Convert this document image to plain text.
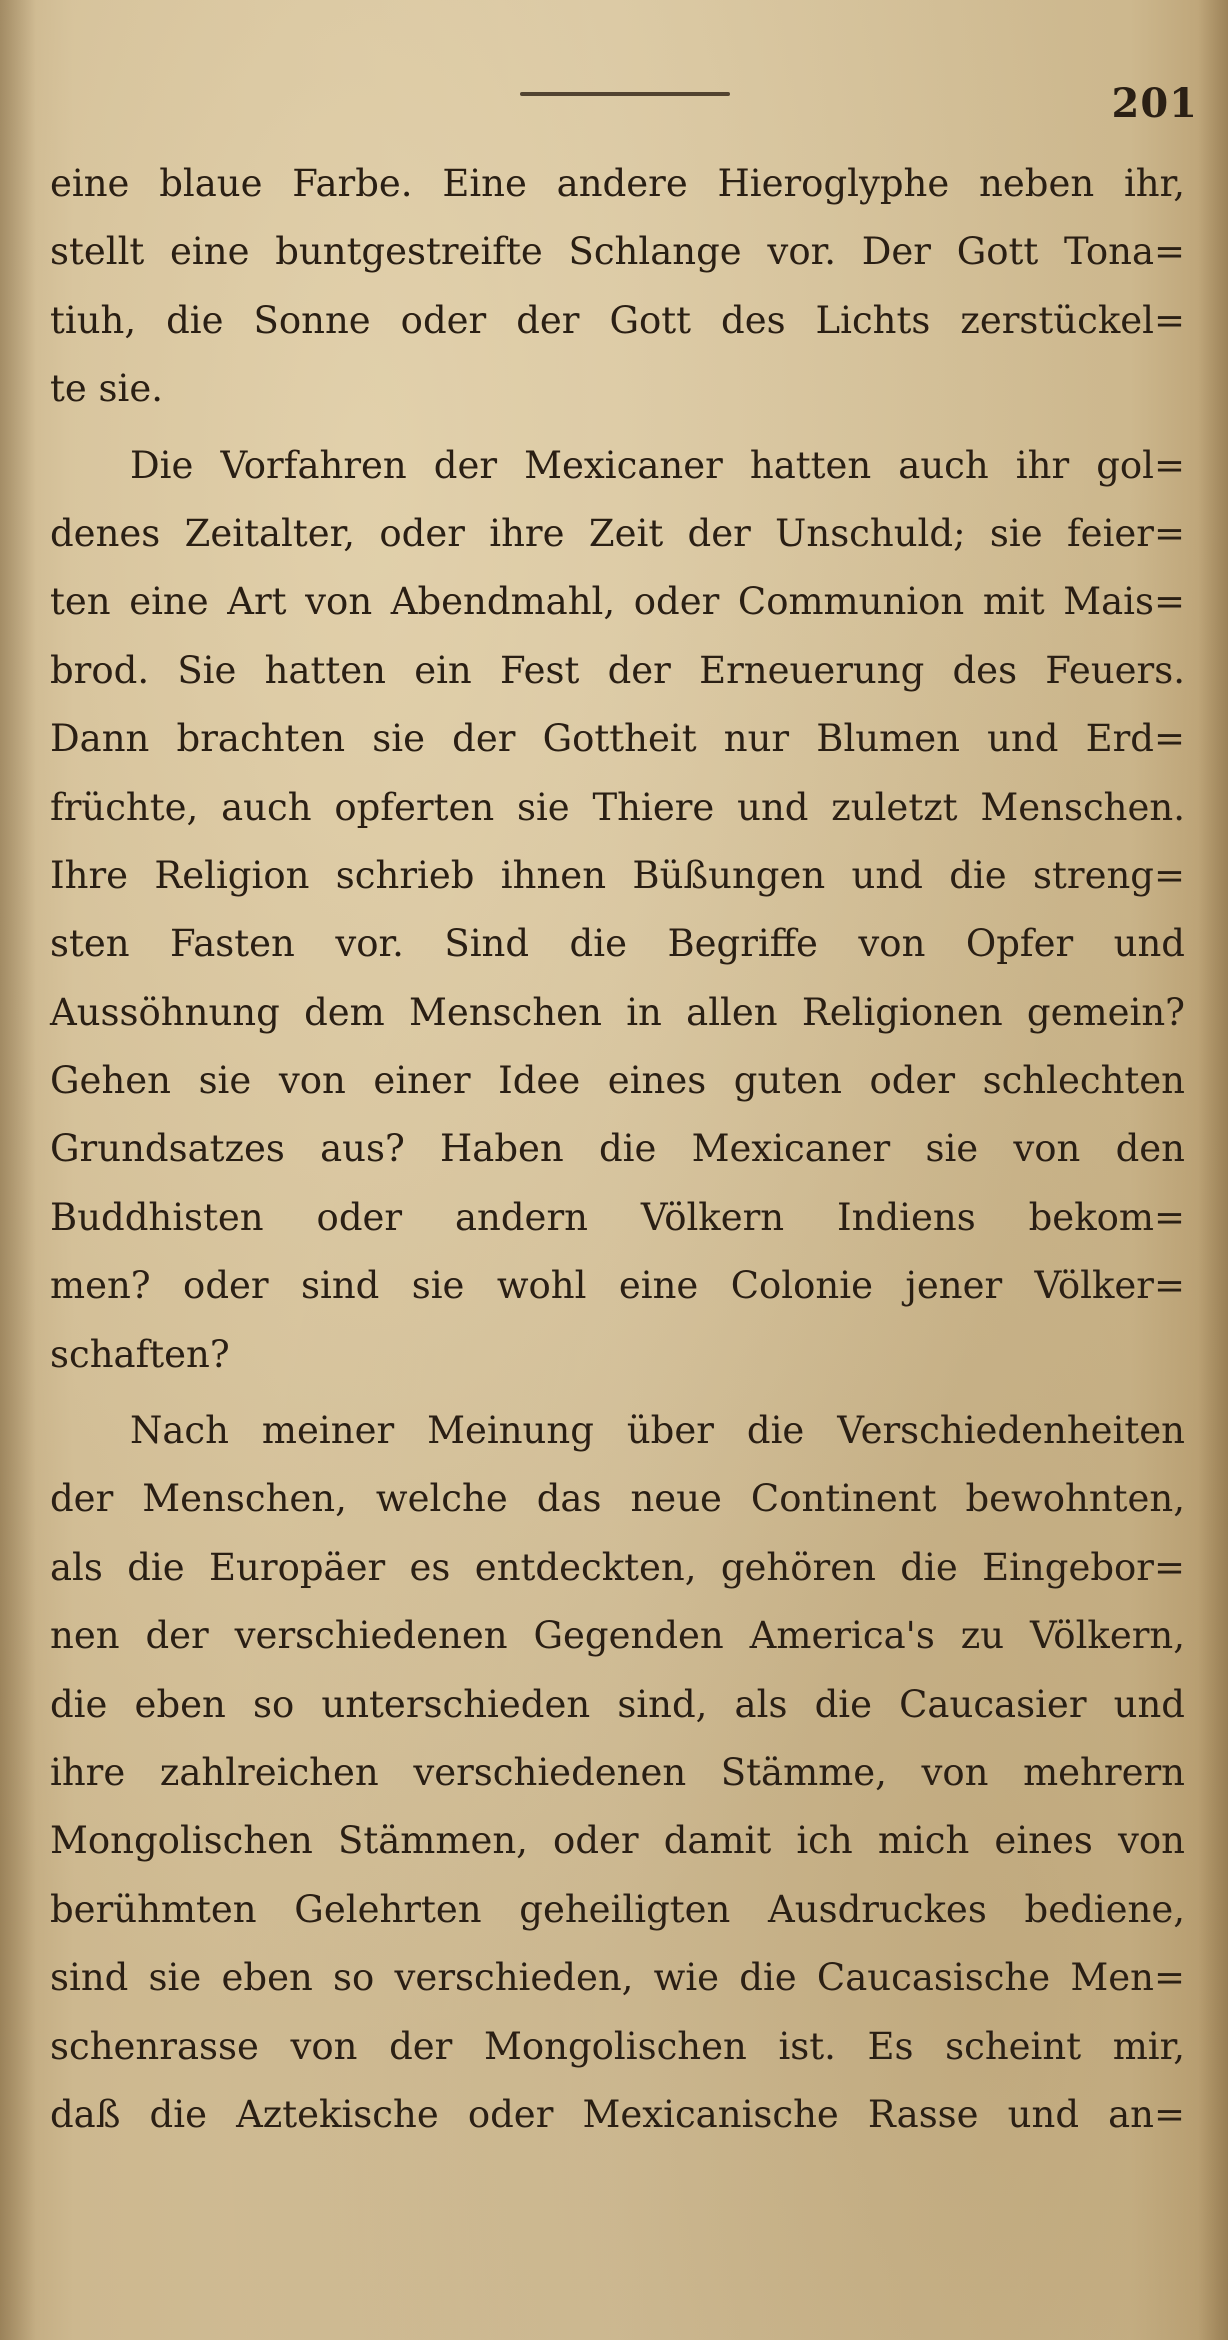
201
eine blaue Farbe. Eine andere Hieroglyphe neben ihr,
stellt eine buntgestreifte Schlange vor. Der Gott Tona=
tiuh, die Sonne oder der Gott des Lichts zerstückel=
te sie.
Die Vorfahren der Mexicaner hatten auch ihr gol=
denes Zeitalter, oder ihre Zeit der Unschuld; sie feier=
ten eine Art von Abendmahl, oder Communion mit Mais=
brod. Sie hatten ein Fest der Erneuerung des Feuers.
Dann brachten sie der Gottheit nur Blumen und Erd=
früchte, auch opferten sie Thiere und zuletzt Menschen.
Ihre Religion schrieb ihnen Büßungen und die streng=
sten Fasten vor. Sind die Begriffe von Opfer und
Aussöhnung dem Menschen in allen Religionen gemein?
Gehen sie von einer Idee eines guten oder schlechten
Grundsatzes aus? Haben die Mexicaner sie von den
Buddhisten oder andern Völkern Indiens bekom=
men? oder sind sie wohl eine Colonie jener Völker=
schaften?
Nach meiner Meinung über die Verschiedenheiten
der Menschen, welche das neue Continent bewohnten,
als die Europäer es entdeckten, gehören die Eingebor=
nen der verschiedenen Gegenden America's zu Völkern,
die eben so unterschieden sind, als die Caucasier und
ihre zahlreichen verschiedenen Stämme, von mehrern
Mongolischen Stämmen, oder damit ich mich eines von
berühmten Gelehrten geheiligten Ausdruckes bediene,
sind sie eben so verschieden, wie die Caucasische Men=
schenrasse von der Mongolischen ist. Es scheint mir,
daß die Aztekische oder Mexicanische Rasse und an=
